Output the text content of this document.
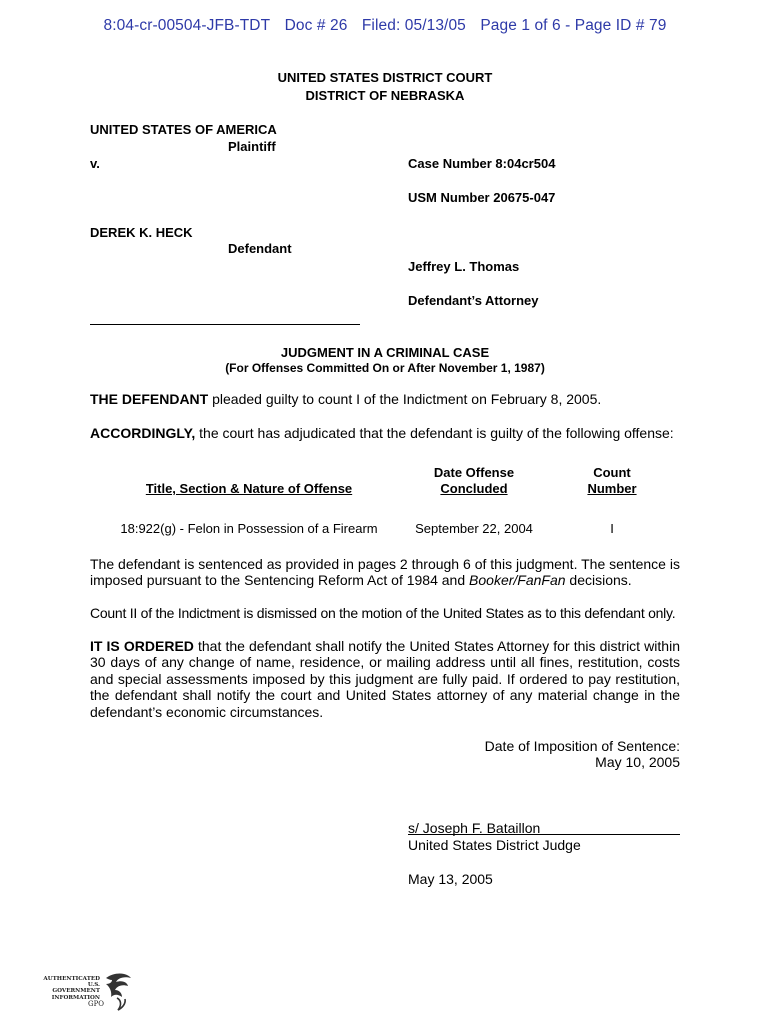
8:04-cr-00504-JFB-TDT Doc # 26 Filed: 05/13/05 Page 1 of 6 - Page ID # 79
UNITED STATES DISTRICT COURT
DISTRICT OF NEBRASKA
UNITED STATES OF AMERICA
Plaintiff
v.	Case Number 8:04cr504
USM Number 20675-047
DEREK K. HECK
Defendant
Jeffrey L. Thomas
Defendant’s Attorney
JUDGMENT IN A CRIMINAL CASE
(For Offenses Committed On or After November 1, 1987)
THE DEFENDANT pleaded guilty to count I of the Indictment on February 8, 2005.
ACCORDINGLY, the court has adjudicated that the defendant is guilty of the following offense:
Date Offense	Count
Title, Section & Nature of Offense	Concluded	Number
18:922(g) - Felon in Possession of a Firearm	September 22, 2004	I
The defendant is sentenced as provided in pages 2 through 6 of this judgment. The sentence is imposed pursuant to the Sentencing Reform Act of 1984 and Booker/FanFan decisions.
Count II of the Indictment is dismissed on the motion of the United States as to this defendant only.
IT IS ORDERED that the defendant shall notify the United States Attorney for this district within 30 days of any change of name, residence, or mailing address until all fines, restitution, costs and special assessments imposed by this judgment are fully paid. If ordered to pay restitution, the defendant shall notify the court and United States attorney of any material change in the defendant’s economic circumstances.
Date of Imposition of Sentence:
May 10, 2005
s/ Joseph F. Bataillon
United States District Judge
May 13, 2005
AUTHENTICATED
U.S. GOVERNMENT
INFORMATION
GPO
